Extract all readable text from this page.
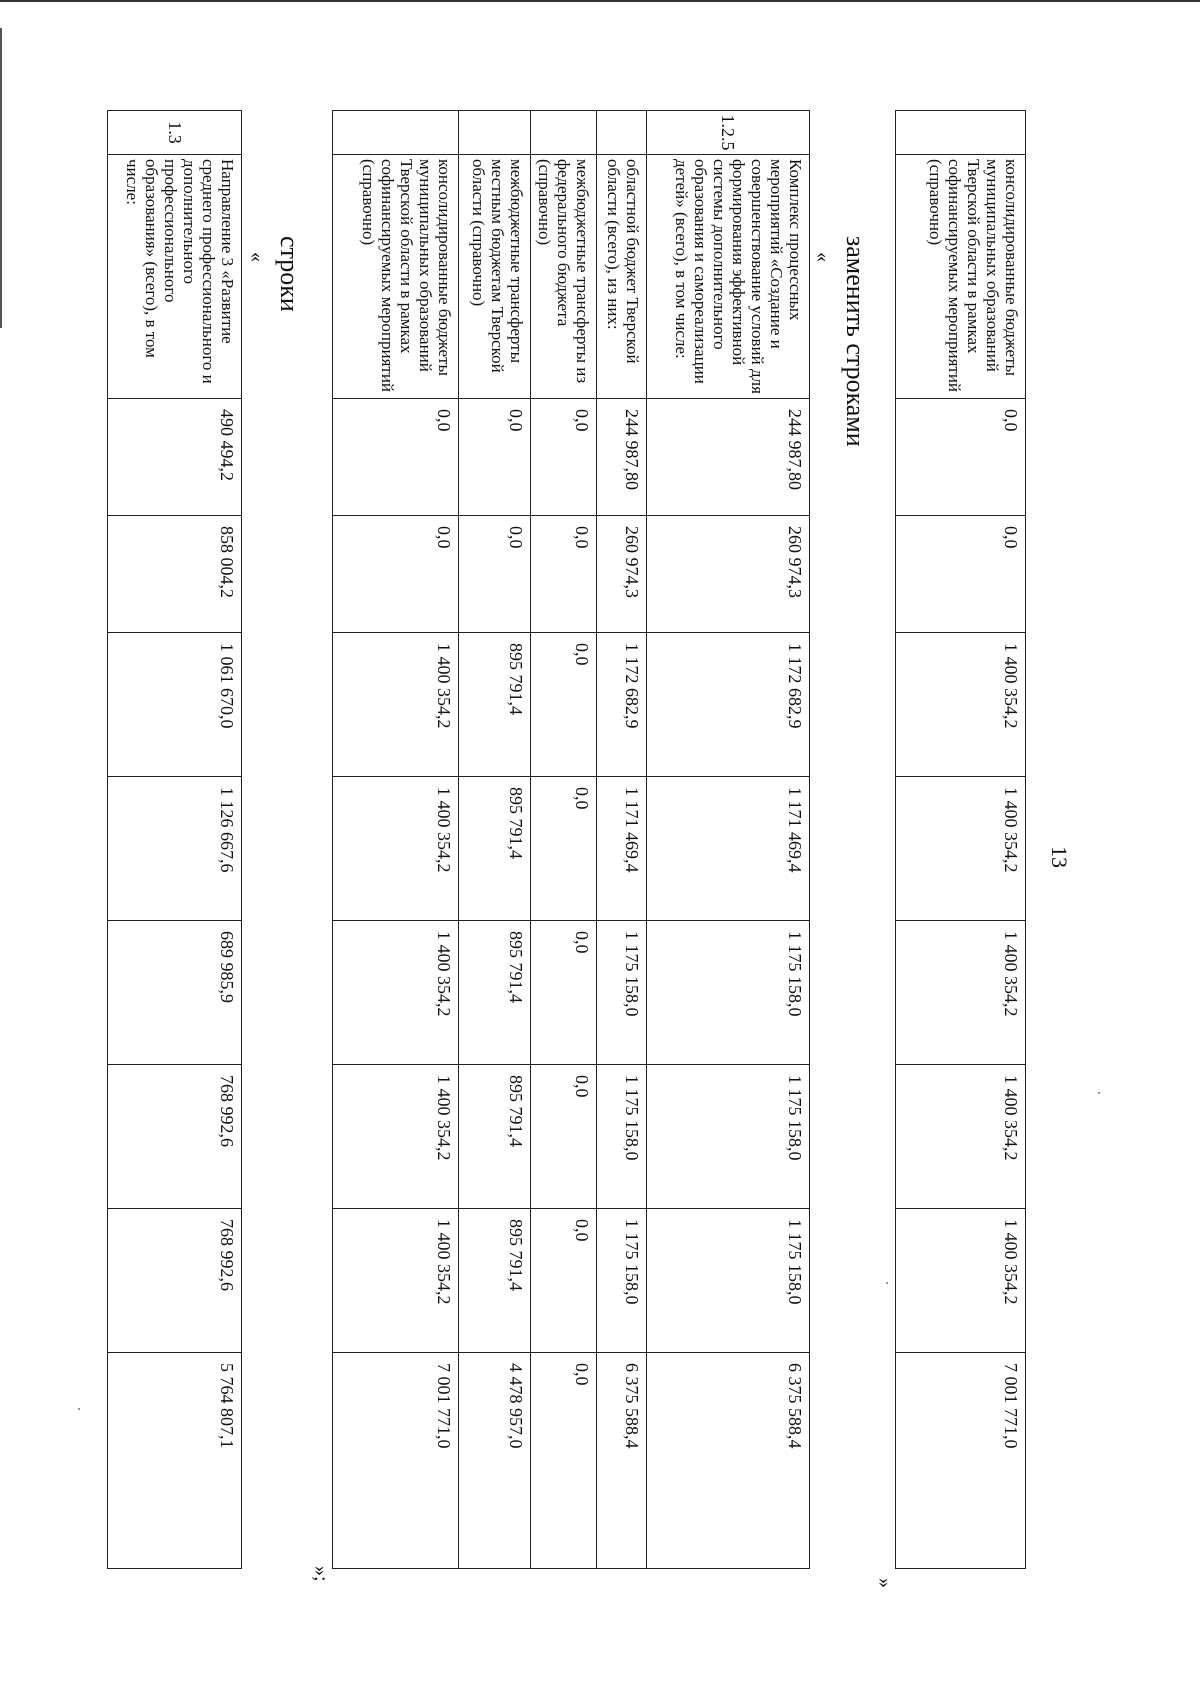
13
	консолидированные бюджеты муниципальных образований Тверской области в рамках софинансируемых мероприятий (справочно)	0,0	0,0	1 400 354,2	1 400 354,2	1 400 354,2	1 400 354,2	1 400 354,2	7 001 771,0
»
заменить строками
«
1.2.5	Комплекс процессных мероприятий «Создание и совершенствование условий для формирования эффективной системы дополнительного образования и самореализации детей» (всего), в том числе:	244 987,80	260 974,3	1 172 682,9	1 171 469,4	1 175 158,0	1 175 158,0	1 175 158,0	6 375 588,4
	областной бюджет Тверской области (всего), из них:	244 987,80	260 974,3	1 172 682,9	1 171 469,4	1 175 158,0	1 175 158,0	1 175 158,0	6 375 588,4
	межбюджетные трансферты из федерального бюджета (справочно)	0,0	0,0	0,0	0,0	0,0	0,0	0,0	0,0
	межбюджетные трансферты местным бюджетам Тверской области (справочно)	0,0	0,0	895 791,4	895 791,4	895 791,4	895 791,4	895 791,4	4 478 957,0
	консолидированные бюджеты муниципальных образований Тверской области в рамках софинансируемых мероприятий (справочно)	0,0	0,0	1 400 354,2	1 400 354,2	1 400 354,2	1 400 354,2	1 400 354,2	7 001 771,0
»;
строки
«
1.3	Направление 3 «Развитие среднего профессионального и дополнительного профессионального образования» (всего), в том числе:	490 494,2	858 004,2	1 061 670,0	1 126 667,6	689 985,9	768 992,6	768 992,6	5 764 807,1
